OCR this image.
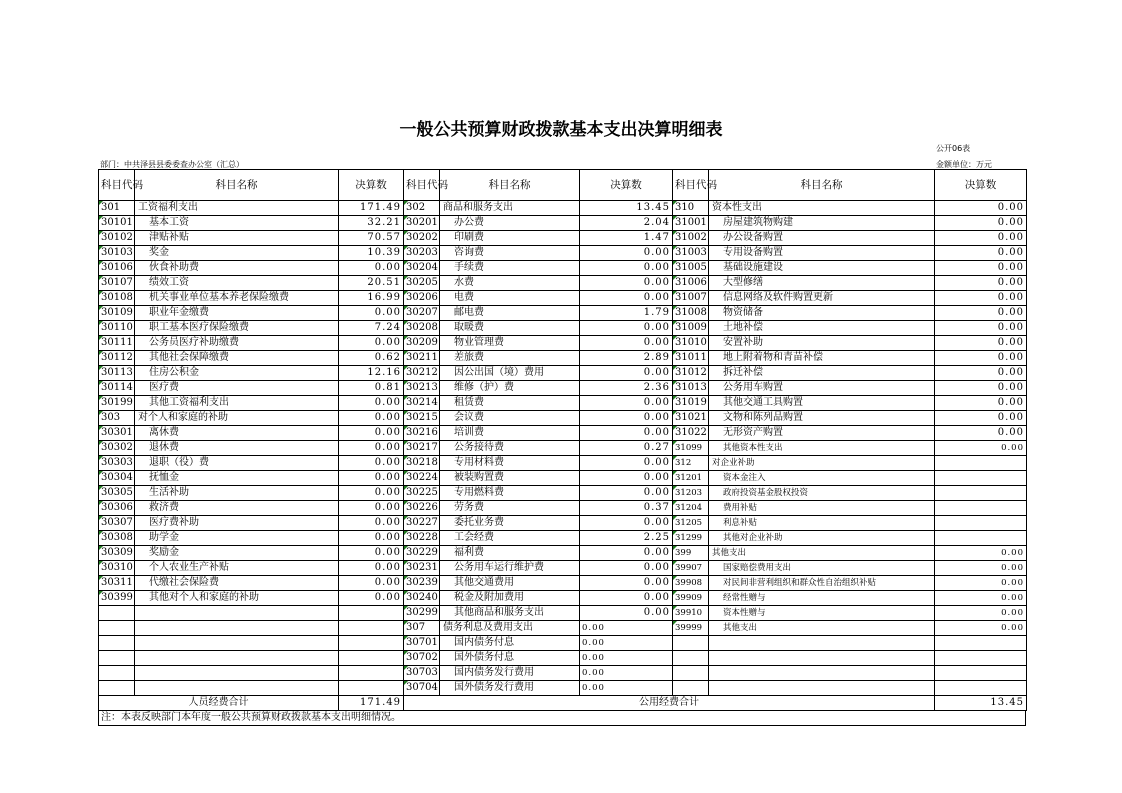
一般公共预算财政拨款基本支出决算明细表
公开06表
部门：中共泽县县委委查办公室（汇总）	金额单位：万元
科目代码	科目名称	决算数	科目代码	科目名称	决算数	科目代码	科目名称	决算数
301	工资福利支出	171.49	302	商品和服务支出	13.45	310	资本性支出	0.00
30101	基本工资	32.21	30201	办公费	2.04	31001	房屋建筑物购建	0.00
30102	津贴补贴	70.57	30202	印刷费	1.47	31002	办公设备购置	0.00
30103	奖金	10.39	30203	咨询费	0.00	31003	专用设备购置	0.00
30106	伙食补助费	0.00	30204	手续费	0.00	31005	基础设施建设	0.00
30107	绩效工资	20.51	30205	水费	0.00	31006	大型修缮	0.00
30108	机关事业单位基本养老保险缴费	16.99	30206	电费	0.00	31007	信息网络及软件购置更新	0.00
30109	职业年金缴费	0.00	30207	邮电费	1.79	31008	物资储备	0.00
30110	职工基本医疗保险缴费	7.24	30208	取暖费	0.00	31009	土地补偿	0.00
30111	公务员医疗补助缴费	0.00	30209	物业管理费	0.00	31010	安置补助	0.00
30112	其他社会保障缴费	0.62	30211	差旅费	2.89	31011	地上附着物和青苗补偿	0.00
30113	住房公积金	12.16	30212	因公出国（境）费用	0.00	31012	拆迁补偿	0.00
30114	医疗费	0.81	30213	维修（护）费	2.36	31013	公务用车购置	0.00
30199	其他工资福利支出	0.00	30214	租赁费	0.00	31019	其他交通工具购置	0.00
303	对个人和家庭的补助	0.00	30215	会议费	0.00	31021	文物和陈列品购置	0.00
30301	离休费	0.00	30216	培训费	0.00	31022	无形资产购置	0.00
30302	退休费	0.00	30217	公务接待费	0.27	31099	其他资本性支出	0.00
30303	退职（役）费	0.00	30218	专用材料费	0.00	312	对企业补助	
30304	抚恤金	0.00	30224	被装购置费	0.00	31201	资本金注入	
30305	生活补助	0.00	30225	专用燃料费	0.00	31203	政府投资基金股权投资	
30306	救济费	0.00	30226	劳务费	0.37	31204	费用补贴	
30307	医疗费补助	0.00	30227	委托业务费	0.00	31205	利息补贴	
30308	助学金	0.00	30228	工会经费	2.25	31299	其他对企业补助	
30309	奖励金	0.00	30229	福利费	0.00	399	其他支出	0.00
30310	个人农业生产补贴	0.00	30231	公务用车运行维护费	0.00	39907	国家赔偿费用支出	0.00
30311	代缴社会保险费	0.00	30239	其他交通费用	0.00	39908	对民间非营利组织和群众性自治组织补贴	0.00
30399	其他对个人和家庭的补助	0.00	30240	税金及附加费用	0.00	39909	经常性赠与	0.00
			30299	其他商品和服务支出	0.00	39910	资本性赠与	0.00
			307	债务利息及费用支出	0.00	39999	其他支出	0.00
			30701	国内债务付息	0.00			
			30702	国外债务付息	0.00			
			30703	国内债务发行费用	0.00			
			30704	国外债务发行费用	0.00			
人员经费合计		171.49	公用经费合计					13.45
注：本表反映部门本年度一般公共预算财政拨款基本支出明细情况。
